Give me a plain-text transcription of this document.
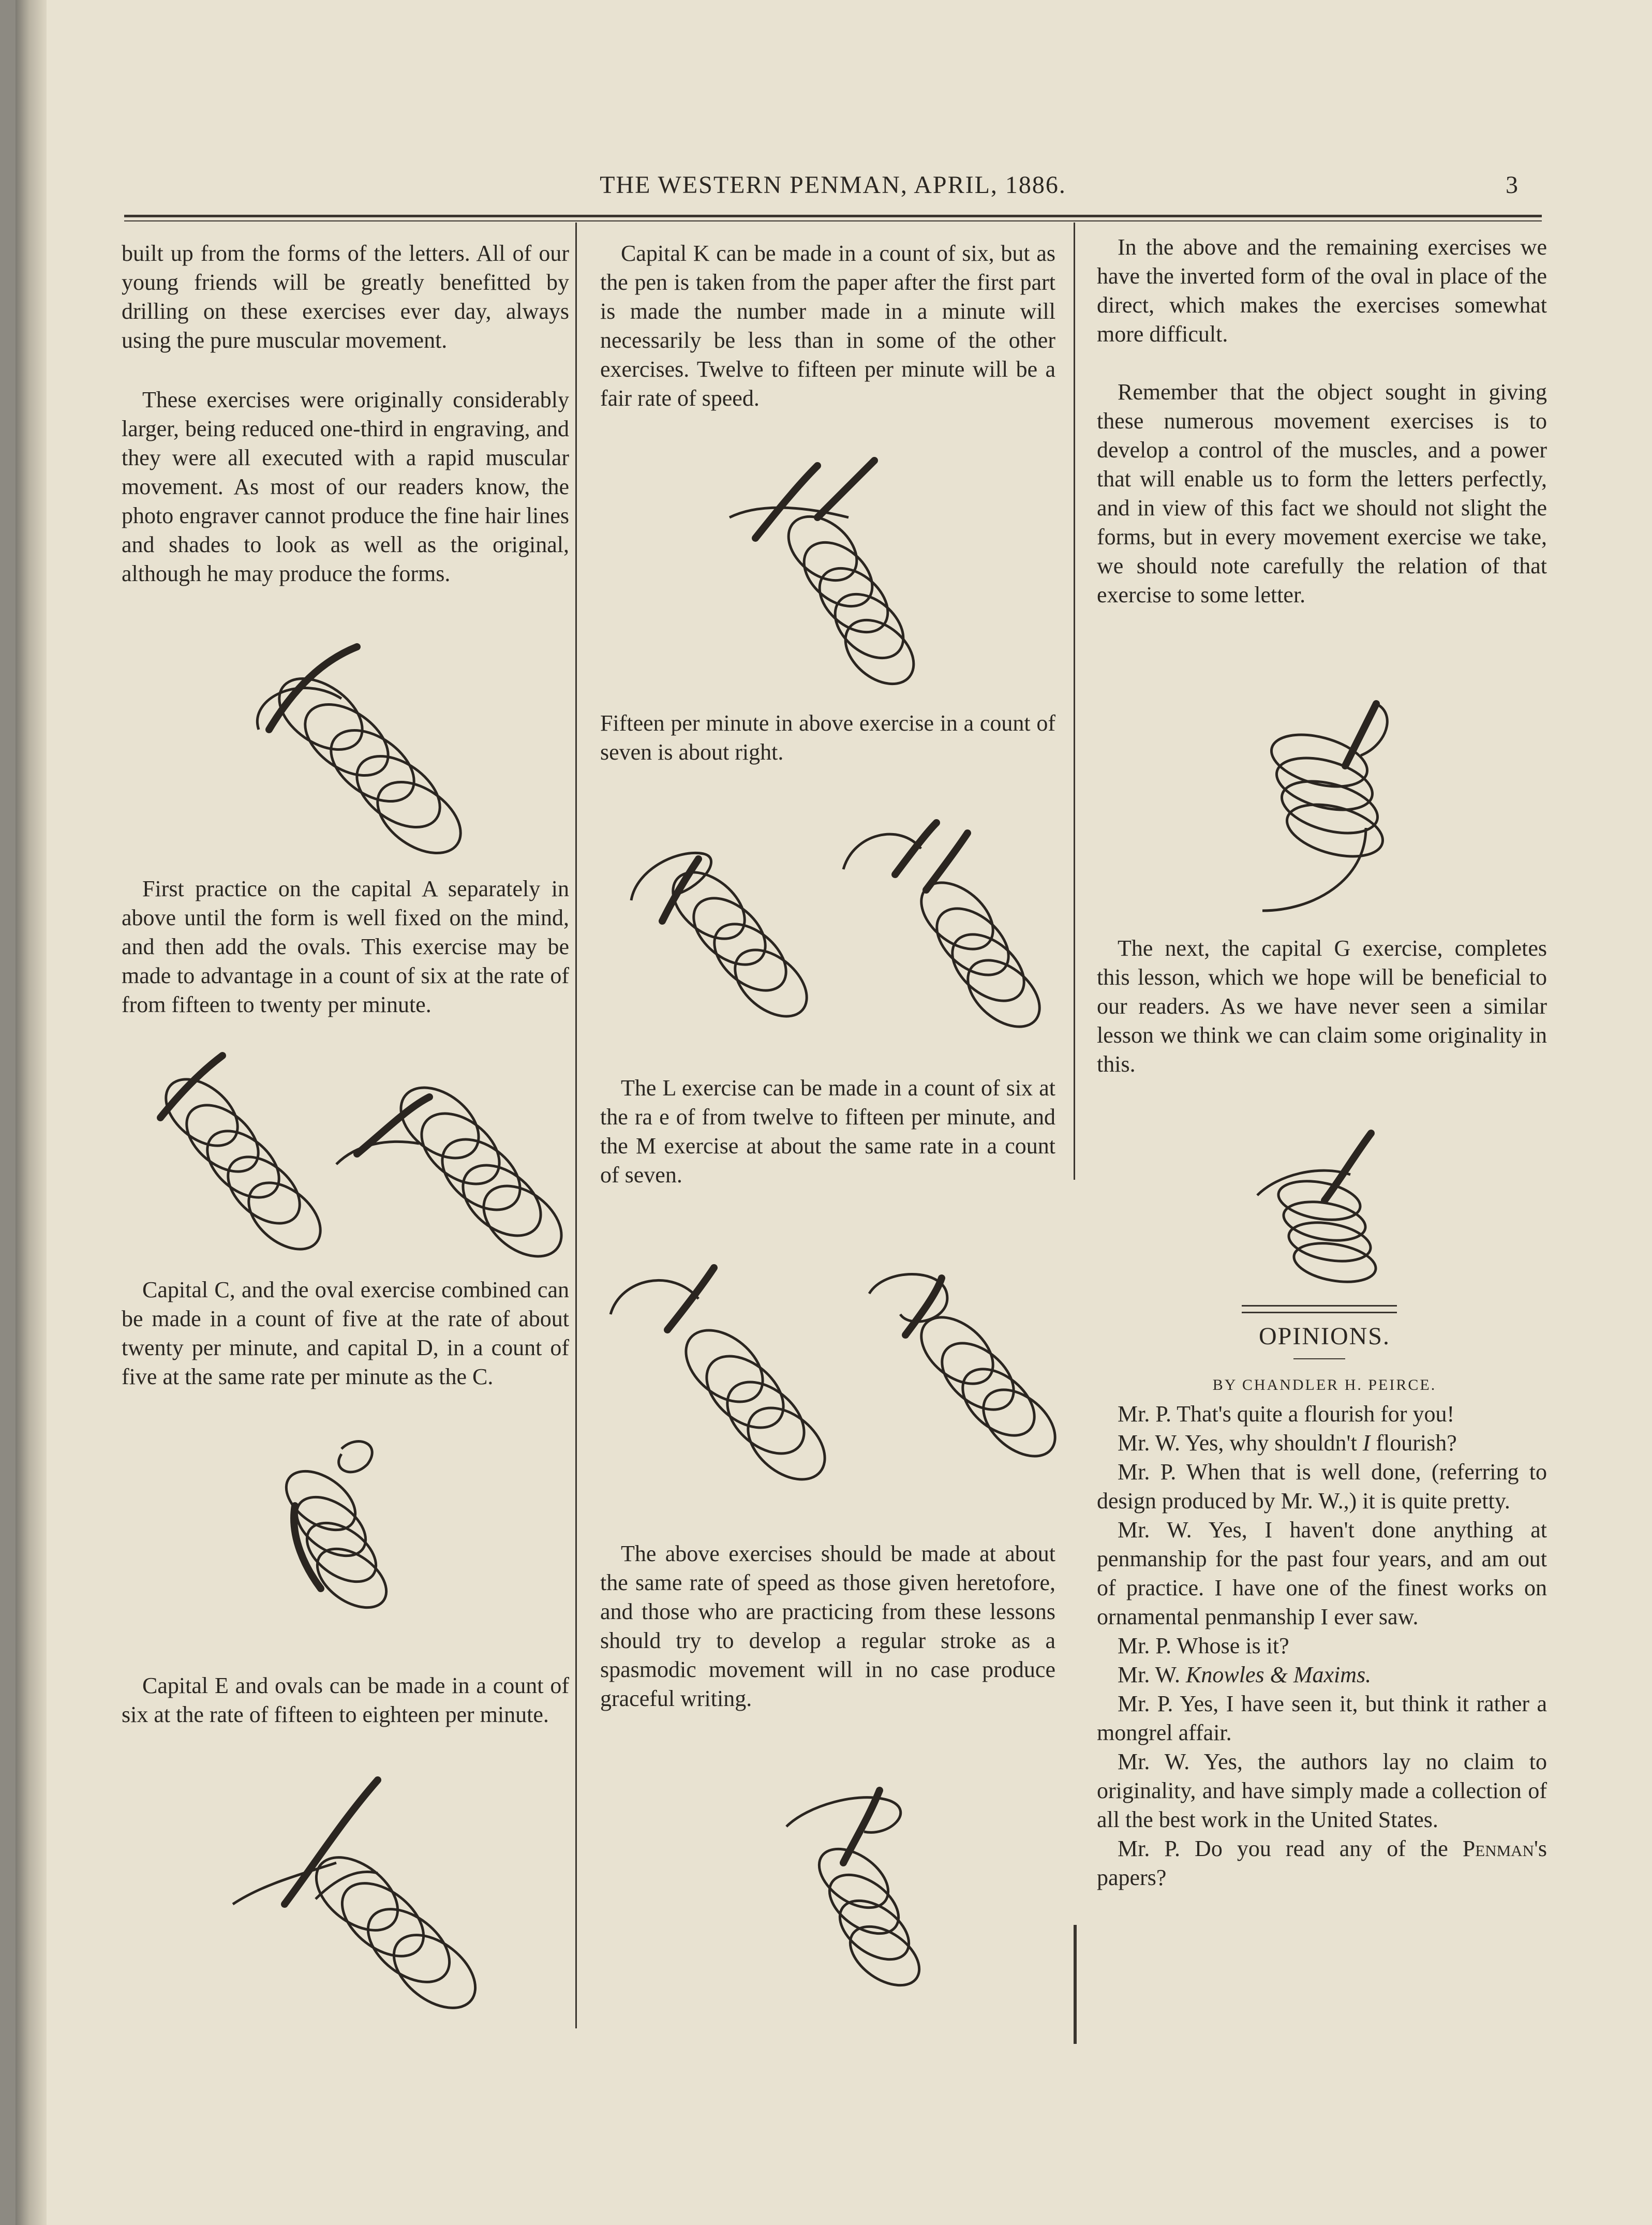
THE WESTERN PENMAN, APRIL, 1886.	3

built up from the forms of the letters. All of our young friends will be greatly benefitted by drilling on these exercises ever day, always using the pure muscular movement.

These exercises were originally considerably larger, being reduced one-third in engraving, and they were all executed with a rapid muscular movement. As most of our readers know, the photo engraver cannot produce the fine hair lines and shades to look as well as the original, although he may produce the forms.

First practice on the capital A separately in above until the form is well fixed on the mind, and then add the ovals. This exercise may be made to advantage in a count of six at the rate of from fifteen to twenty per minute.

Capital C, and the oval exercise combined can be made in a count of five at the rate of about twenty per minute, and capital D, in a count of five at the same rate per minute as the C.

Capital E and ovals can be made in a count of six at the rate of fifteen to eighteen per minute.

Capital K can be made in a count of six, but as the pen is taken from the paper after the first part is made the number made in a minute will necessarily be less than in some of the other exercises. Twelve to fifteen per minute will be a fair rate of speed.

Fifteen per minute in above exercise in a count of seven is about right.

The L exercise can be made in a count of six at the ra e of from twelve to fifteen per minute, and the M exercise at about the same rate in a count of seven.

The above exercises should be made at about the same rate of speed as those given heretofore, and those who are practicing from these lessons should try to develop a regular stroke as a spasmodic movement will in no case produce graceful writing.

In the above and the remaining exercises we have the inverted form of the oval in place of the direct, which makes the exercises somewhat more difficult.

Remember that the object sought in giving these numerous movement exercises is to develop a control of the muscles, and a power that will enable us to form the letters perfectly, and in view of this fact we should not slight the forms, but in every movement exercise we take, we should note carefully the relation of that exercise to some letter.

The next, the capital G exercise, completes this lesson, which we hope will be beneficial to our readers. As we have never seen a similar lesson we think we can claim some originality in this.

OPINIONS.
BY CHANDLER H. PEIRCE.

Mr. P. That's quite a flourish for you!

Mr. W. Yes, why shouldn't I flourish?

Mr. P. When that is well done, (referring to design produced by Mr. W.,) it is quite pretty.

Mr. W. Yes, I haven't done anything at penmanship for the past four years, and am out of practice. I have one of the finest works on ornamental penmanship I ever saw.

Mr. P. Whose is it?

Mr. W. Knowles & Maxims.

Mr. P. Yes, I have seen it, but think it rather a mongrel affair.

Mr. W. Yes, the authors lay no claim to originality, and have simply made a collection of all the best work in the United States.

Mr. P. Do you read any of the Penman's papers?
